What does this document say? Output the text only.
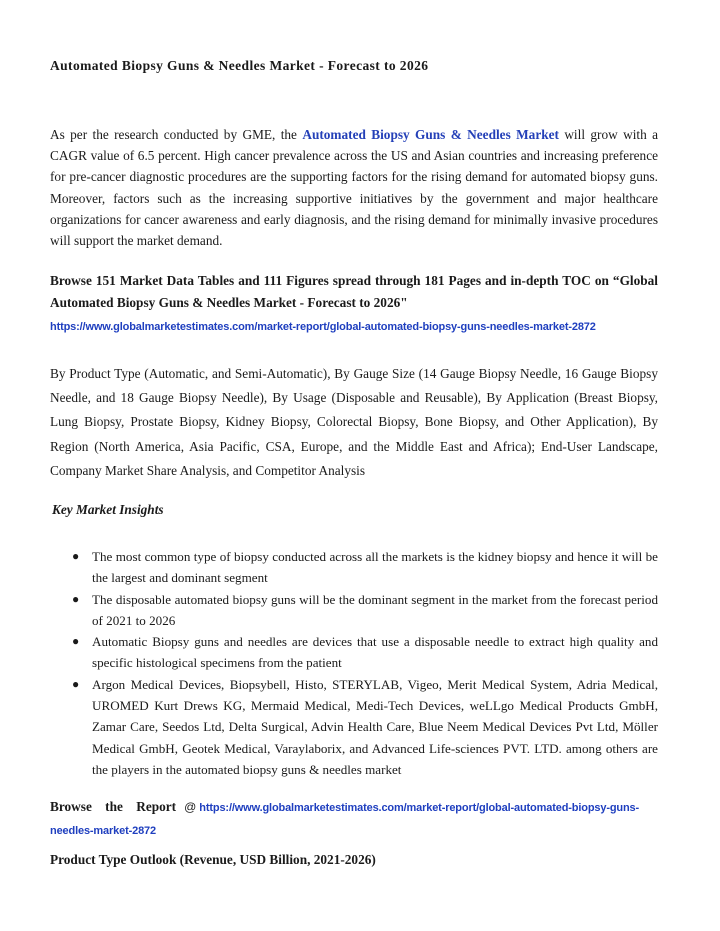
Automated Biopsy Guns & Needles Market - Forecast to 2026
As per the research conducted by GME, the Automated Biopsy Guns & Needles Market will grow with a CAGR value of 6.5 percent. High cancer prevalence across the US and Asian countries and increasing preference for pre-cancer diagnostic procedures are the supporting factors for the rising demand for automated biopsy guns. Moreover, factors such as the increasing supportive initiatives by the government and major healthcare organizations for cancer awareness and early diagnosis, and the rising demand for minimally invasive procedures will support the market demand.
Browse 151 Market Data Tables and 111 Figures spread through 181 Pages and in-depth TOC on “Global Automated Biopsy Guns & Needles Market - Forecast to 2026"
https://www.globalmarketestimates.com/market-report/global-automated-biopsy-guns-needles-market-2872
By Product Type (Automatic, and Semi-Automatic), By Gauge Size (14 Gauge Biopsy Needle, 16 Gauge Biopsy Needle, and 18 Gauge Biopsy Needle), By Usage (Disposable and Reusable), By Application (Breast Biopsy, Lung Biopsy, Prostate Biopsy, Kidney Biopsy, Colorectal Biopsy, Bone Biopsy, and Other Application), By Region (North America, Asia Pacific, CSA, Europe, and the Middle East and Africa); End-User Landscape, Company Market Share Analysis, and Competitor Analysis
Key Market Insights
● The most common type of biopsy conducted across all the markets is the kidney biopsy and hence it will be the largest and dominant segment
● The disposable automated biopsy guns will be the dominant segment in the market from the forecast period of 2021 to 2026
● Automatic Biopsy guns and needles are devices that use a disposable needle to extract high quality and specific histological specimens from the patient
● Argon Medical Devices, Biopsybell, Histo, STERYLAB, Vigeo, Merit Medical System, Adria Medical, UROMED Kurt Drews KG, Mermaid Medical, Medi-Tech Devices, weLLgo Medical Products GmbH, Zamar Care, Seedos Ltd, Delta Surgical, Advin Health Care, Blue Neem Medical Devices Pvt Ltd, Möller Medical GmbH, Geotek Medical, Varaylaborix, and Advanced Life-sciences PVT. LTD. among others are the players in the automated biopsy guns & needles market
Browse the Report @ https://www.globalmarketestimates.com/market-report/global-automated-biopsy-guns-needles-market-2872
Product Type Outlook (Revenue, USD Billion, 2021-2026)
